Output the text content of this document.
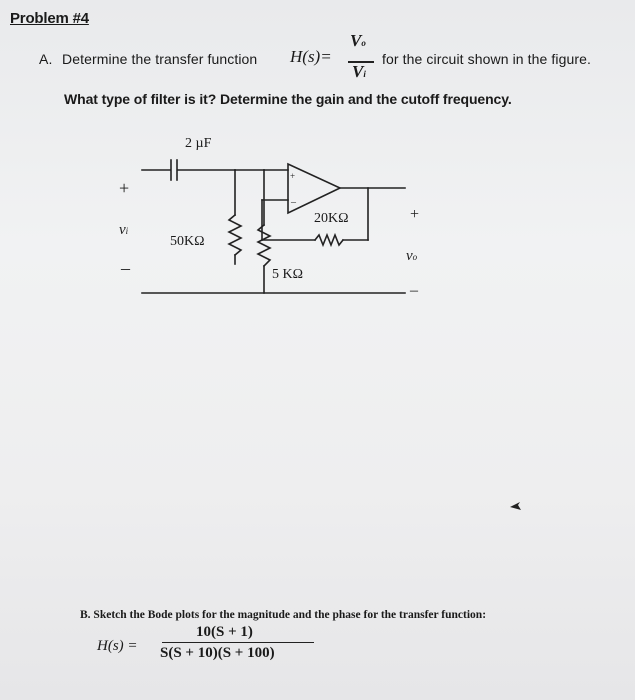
Problem #4
A. Determine the transfer function H(s)=
Vo
Vi
for the circuit shown in the figure.
What type of filter is it? Determine the gain and the cutoff frequency.
2 µF
+
vi
–
50KΩ
5 KΩ
20KΩ
+
–
+
vo
–
B. Sketch the Bode plots for the magnitude and the phase for the transfer function:
H(s) =
10(S + 1)
S(S + 10)(S + 100)
